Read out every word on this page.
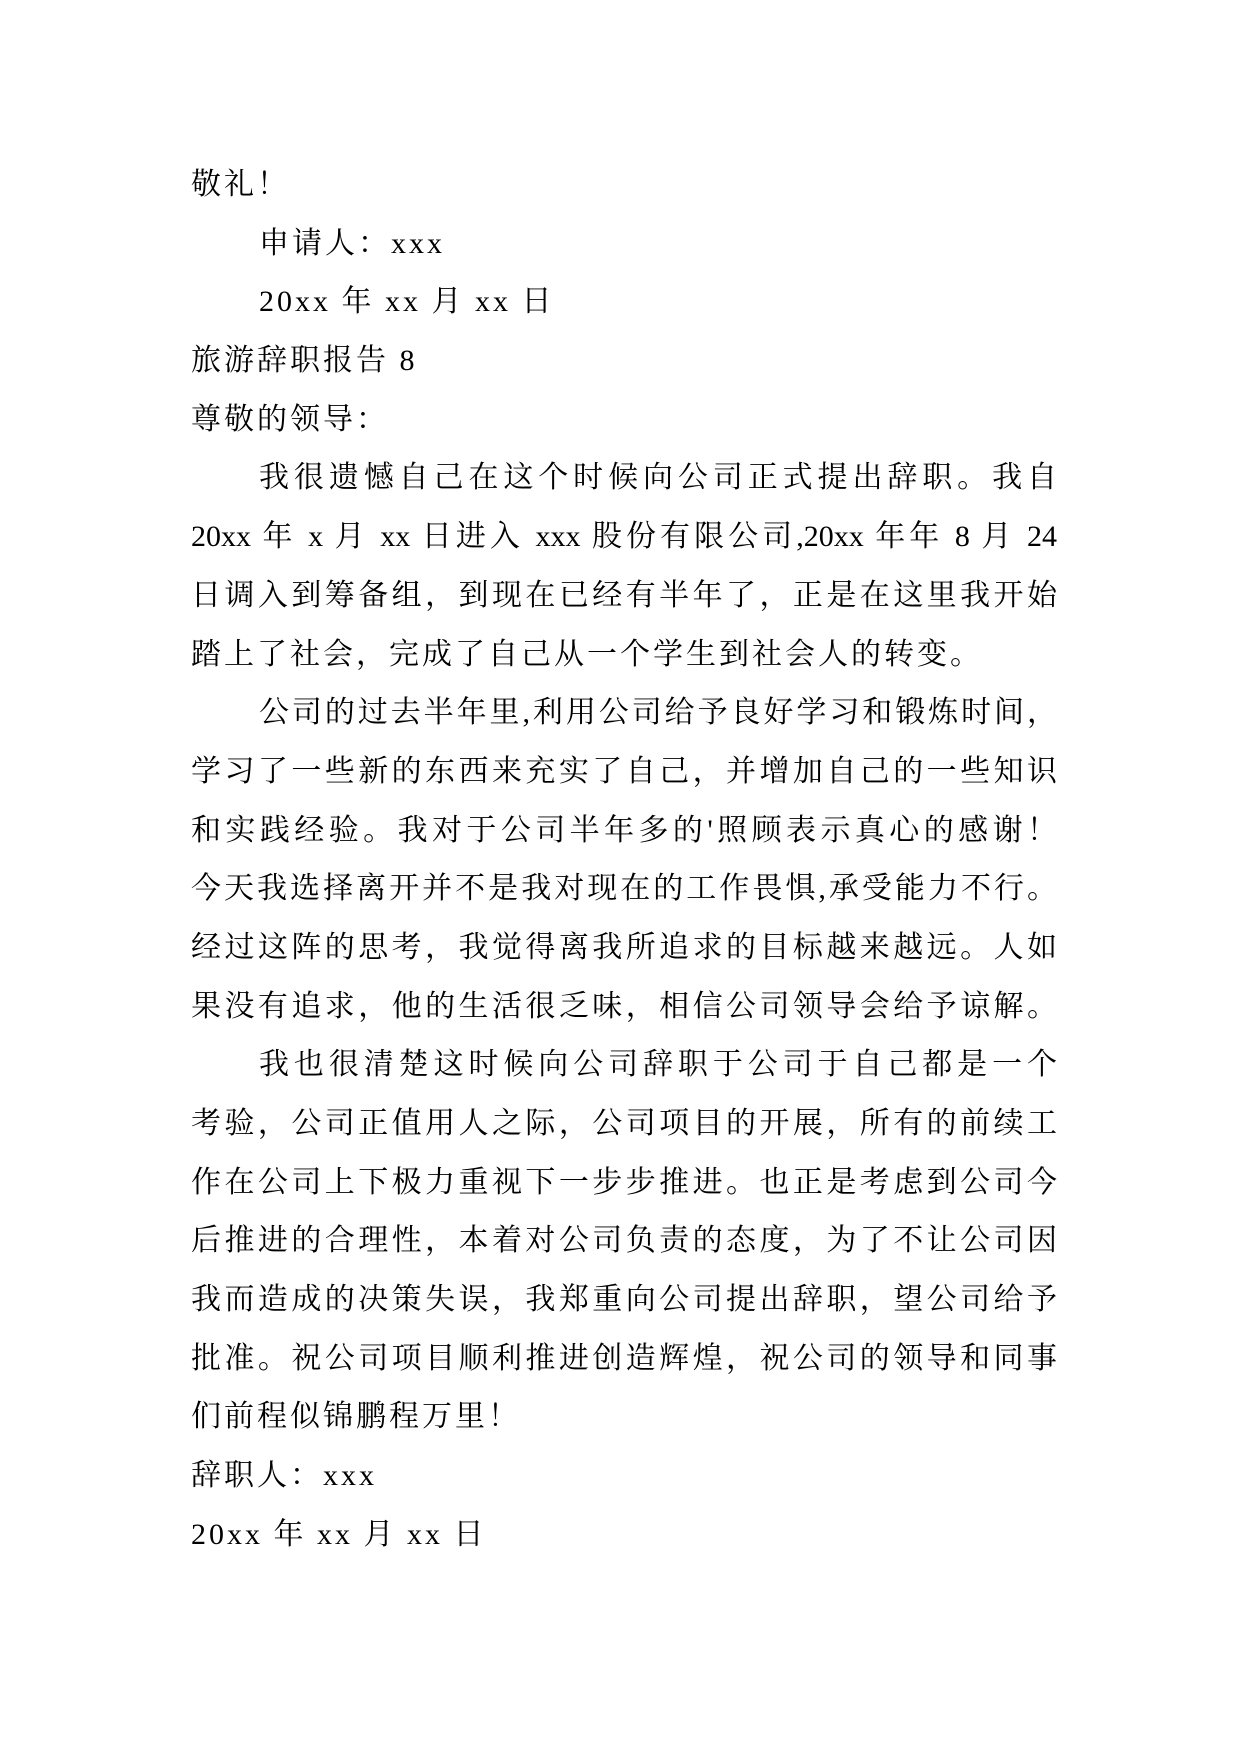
敬礼！
申请人：xxx
20xx 年 xx 月 xx 日
旅游辞职报告 8
尊敬的领导：
我很遗憾自己在这个时候向公司正式提出辞职。我自
20xx 年 x 月 xx 日进入 xxx 股份有限公司,20xx 年年 8 月 24
日调入到筹备组，到现在已经有半年了，正是在这里我开始
踏上了社会，完成了自己从一个学生到社会人的转变。
公司的过去半年里,利用公司给予良好学习和锻炼时间，
学习了一些新的东西来充实了自己，并增加自己的一些知识
和实践经验。我对于公司半年多的'照顾表示真心的感谢！
今天我选择离开并不是我对现在的工作畏惧,承受能力不行。
经过这阵的思考，我觉得离我所追求的目标越来越远。人如
果没有追求，他的生活很乏味，相信公司领导会给予谅解。
我也很清楚这时候向公司辞职于公司于自己都是一个
考验，公司正值用人之际，公司项目的开展，所有的前续工
作在公司上下极力重视下一步步推进。也正是考虑到公司今
后推进的合理性，本着对公司负责的态度，为了不让公司因
我而造成的决策失误，我郑重向公司提出辞职，望公司给予
批准。祝公司项目顺利推进创造辉煌，祝公司的领导和同事
们前程似锦鹏程万里！
辞职人：xxx
20xx 年 xx 月 xx 日
